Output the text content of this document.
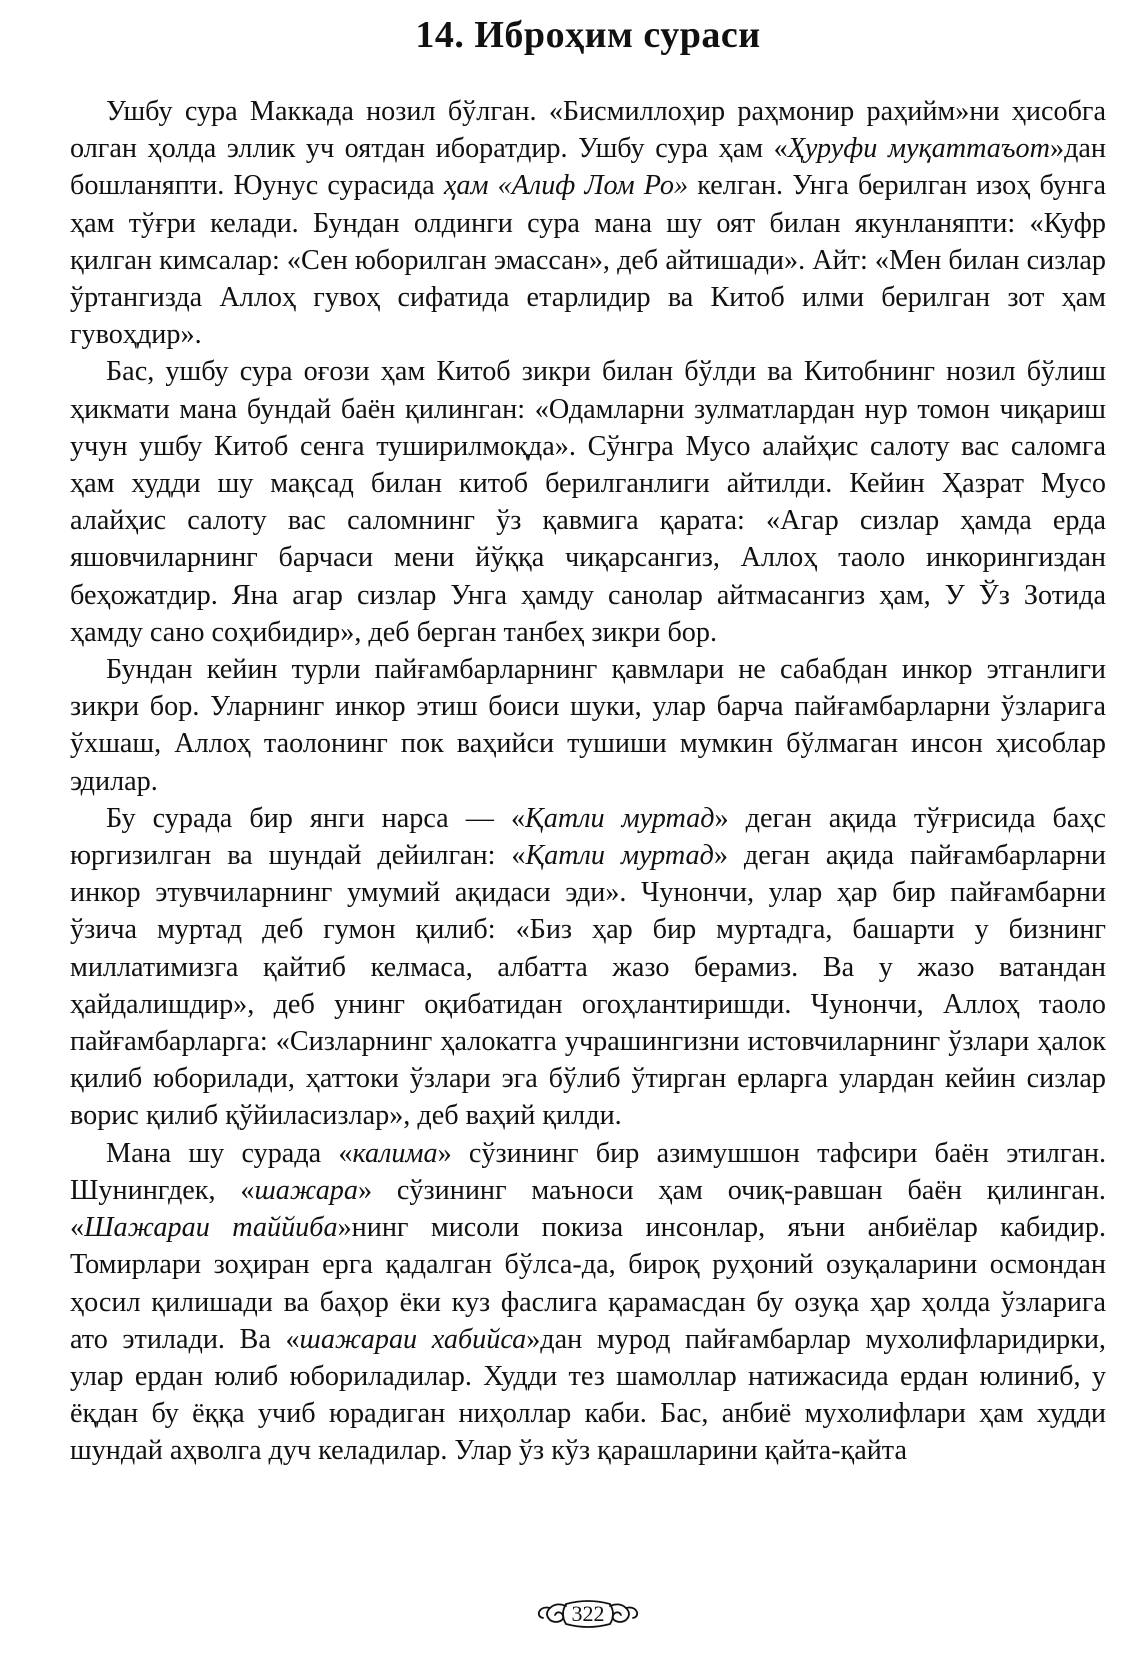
14. Иброҳим сураси

Ушбу сура Маккада нозил бўлган. «Бисмиллоҳир раҳмонир раҳийм»ни ҳисобга олган ҳолда эллик уч оятдан иборатдир. Ушбу сура ҳам «Ҳуруфи муқаттаъот»дан бошланяпти. Юунус сурасида ҳам «Алиф Лом Ро» келган. Унга берилган изоҳ бунга ҳам тўғри келади. Бундан олдинги сура мана шу оят билан якунланяпти: «Куфр қилган кимсалар: «Сен юборилган эмассан», деб айтишади». Айт: «Мен билан сизлар ўртангизда Аллоҳ гувоҳ сифатида етарлидир ва Китоб илми берилган зот ҳам гувоҳдир».

Бас, ушбу сура оғози ҳам Китоб зикри билан бўлди ва Китобнинг нозил бўлиш ҳикмати мана бундай баён қилинган: «Одамларни зулматлардан нур томон чиқариш учун ушбу Китоб сенга туширилмоқда». Сўнгра Мусо алайҳис салоту вас саломга ҳам худди шу мақсад билан китоб берилганлиги айтилди. Кейин Ҳазрат Мусо алайҳис салоту вас саломнинг ўз қавмига қарата: «Агар сизлар ҳамда ерда яшовчиларнинг барчаси мени йўққа чиқарсангиз, Аллоҳ таоло инкорингиздан беҳожатдир. Яна агар сизлар Унга ҳамду санолар айтмасангиз ҳам, У Ўз Зотида ҳамду сано соҳибидир», деб берган танбеҳ зикри бор.

Бундан кейин турли пайғамбарларнинг қавмлари не сабабдан инкор этганлиги зикри бор. Уларнинг инкор этиш боиси шуки, улар барча пайғамбарларни ўзларига ўхшаш, Аллоҳ таолонинг пок ваҳийси тушиши мумкин бўлмаган инсон ҳисоблар эдилар.

Бу сурада бир янги нарса — «Қатли муртад» деган ақида тўғрисида баҳс юргизилган ва шундай дейилган: «Қатли муртад» деган ақида пайғамбарларни инкор этувчиларнинг умумий ақидаси эди». Чунончи, улар ҳар бир пайғамбарни ўзича муртад деб гумон қилиб: «Биз ҳар бир муртадга, башарти у бизнинг миллатимизга қайтиб келмаса, албатта жазо берамиз. Ва у жазо ватандан ҳайдалишдир», деб унинг оқибатидан огоҳлантиришди. Чунончи, Аллоҳ таоло пайғамбарларга: «Сизларнинг ҳалокатга учрашингизни истовчиларнинг ўзлари ҳалок қилиб юборилади, ҳаттоки ўзлари эга бўлиб ўтирган ерларга улардан кейин сизлар ворис қилиб қўйиласизлар», деб ваҳий қилди.

Мана шу сурада «калима» сўзининг бир азимушшон тафсири баён этилган. Шунингдек, «шажара» сўзининг маъноси ҳам очиқ-равшан баён қилинган. «Шажараи таййиба»нинг мисоли покиза инсонлар, яъни анбиёлар кабидир. Томирлари зоҳиран ерга қадалган бўлса-да, бироқ руҳоний озуқаларини осмондан ҳосил қилишади ва баҳор ёки куз фаслига қарамасдан бу озуқа ҳар ҳолда ўзларига ато этилади. Ва «шажараи хабийса»дан мурод пайғамбарлар мухолифларидирки, улар ердан юлиб юбориладилар. Худди тез шамоллар натижасида ердан юлиниб, у ёқдан бу ёққа учиб юрадиган ниҳоллар каби. Бас, анбиё мухолифлари ҳам худди шундай аҳволга дуч келадилар. Улар ўз кўз қарашларини қайта-қайта

322
